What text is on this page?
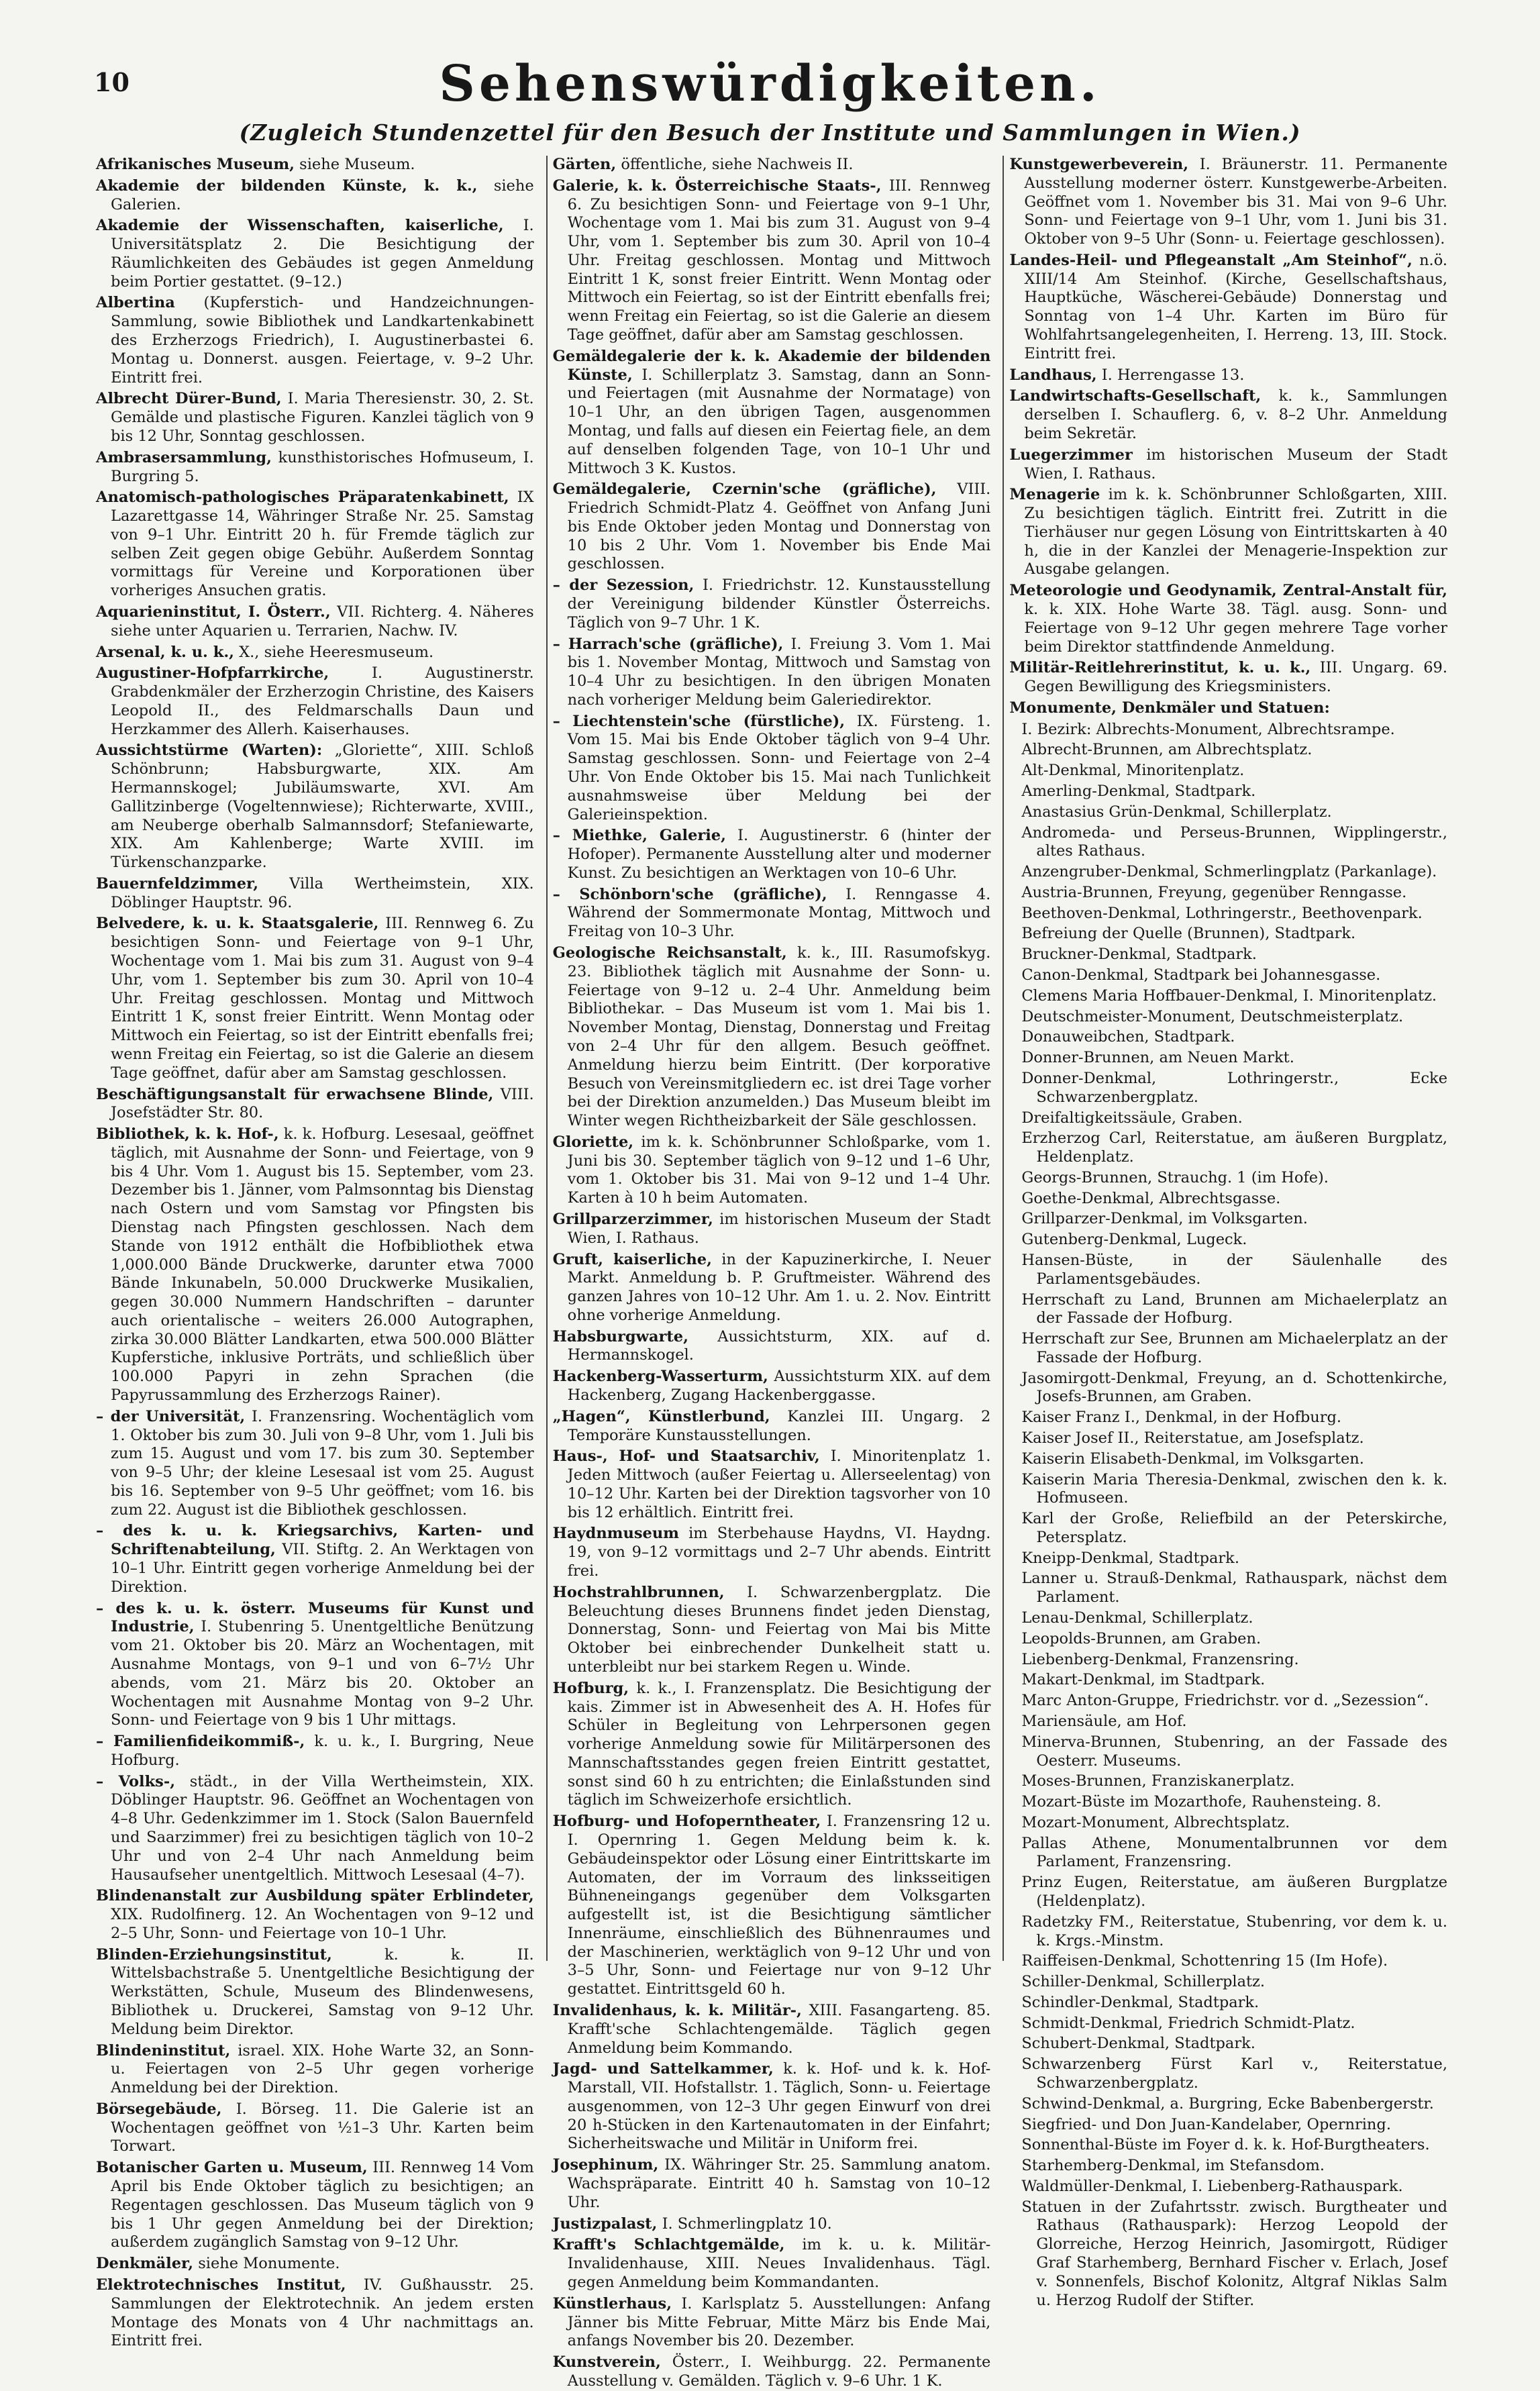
10	Sehenswürdigkeiten.
(Zugleich Stundenzettel für den Besuch der Institute und Sammlungen in Wien.)

Afrikanisches Museum, siehe Museum.

Akademie der bildenden Künste, k. k., siehe Galerien.

Akademie der Wissenschaften, kaiserliche, I. Universitätsplatz 2. Die Besichtigung der Räumlichkeiten des Gebäudes ist gegen Anmeldung beim Portier gestattet. (9–12.)

Albertina (Kupferstich- und Handzeichnungen-Sammlung, sowie Bibliothek und Landkartenkabinett des Erzherzogs Friedrich), I. Augustinerbastei 6. Montag u. Donnerst. ausgen. Feiertage, v. 9–2 Uhr. Eintritt frei.

Albrecht Dürer-Bund, I. Maria Theresienstr. 30, 2. St. Gemälde und plastische Figuren. Kanzlei täglich von 9 bis 12 Uhr, Sonntag geschlossen.

Ambrasersammlung, kunsthistorisches Hofmuseum, I. Burgring 5.

Anatomisch-pathologisches Präparatenkabinett, IX Lazarettgasse 14, Währinger Straße Nr. 25. Samstag von 9–1 Uhr. Eintritt 20 h. für Fremde täglich zur selben Zeit gegen obige Gebühr. Außerdem Sonntag vormittags für Vereine und Korporationen über vorheriges Ansuchen gratis.

Aquarieninstitut, I. Österr., VII. Richterg. 4. Näheres siehe unter Aquarien u. Terrarien, Nachw. IV.

Arsenal, k. u. k., X., siehe Heeresmuseum.

Augustiner-Hofpfarrkirche,	I. Augustinerstr. Grabdenkmäler der Erzherzogin Christine, des Kaisers Leopold II., des Feldmarschalls Daun und Herzkammer des Allerh. Kaiserhauses.

Aussichtstürme (Warten): „Gloriette“, XIII. Schloß Schönbrunn; Habsburgwarte, XIX. Am Hermannskogel; Jubiläumswarte, XVI. Am Gallitzinberge (Vogeltennwiese); Richterwarte, XVIII., am Neuberge oberhalb Salmannsdorf; Stefaniewarte, XIX. Am Kahlenberge; Warte XVIII. im Türkenschanzparke.

Bauernfeldzimmer, Villa Wertheimstein, XIX. Döblinger Hauptstr. 96.

Belvedere, k. u. k. Staatsgalerie, III. Rennweg 6. Zu besichtigen Sonn- und Feiertage von 9–1 Uhr, Wochentage vom 1. Mai bis zum 31. August von 9–4 Uhr, vom 1. September bis zum 30. April von 10–4 Uhr. Freitag geschlossen. Montag und Mittwoch Eintritt 1 K, sonst freier Eintritt. Wenn Montag oder Mittwoch ein Feiertag, so ist der Eintritt ebenfalls frei; wenn Freitag ein Feiertag, so ist die Galerie an diesem Tage geöffnet, dafür aber am Samstag geschlossen.

Beschäftigungsanstalt für erwachsene Blinde, VIII. Josefstädter Str. 80.

Bibliothek, k. k. Hof-, k. k. Hofburg. Lesesaal, geöffnet täglich, mit Ausnahme der Sonn- und Feiertage, von 9 bis 4 Uhr. Vom 1. August bis 15. September, vom 23. Dezember bis 1. Jänner, vom Palmsonntag bis Dienstag nach Ostern und vom Samstag vor Pfingsten bis Dienstag nach Pfingsten geschlossen. Nach dem Stande von 1912 enthält die Hofbibliothek etwa 1,000.000 Bände Druckwerke, darunter etwa 7000 Bände Inkunabeln, 50.000 Druckwerke Musikalien, gegen 30.000 Nummern Handschriften – darunter auch orientalische – weiters 26.000 Autographen, zirka 30.000 Blätter Landkarten, etwa 500.000 Blätter Kupferstiche, inklusive Porträts, und schließlich über 100.000 Papyri in zehn Sprachen (die Papyrussammlung des Erzherzogs Rainer).

– der Universität, I. Franzensring. Wochentäglich vom 1. Oktober bis zum 30. Juli von 9–8 Uhr, vom 1. Juli bis zum 15. August und vom 17. bis zum 30. September von 9–5 Uhr; der kleine Lesesaal ist vom 25. August bis 16. September von 9–5 Uhr geöffnet; vom 16. bis zum 22. August ist die Bibliothek geschlossen.

– des k. u. k. Kriegsarchivs, Karten- und Schriftenabteilung, VII. Stiftg. 2. An Werktagen von 10–1 Uhr. Eintritt gegen vorherige Anmeldung bei der Direktion.

– des k. u. k. österr. Museums für Kunst und Industrie, I. Stubenring 5. Unentgeltliche Benützung vom 21. Oktober bis 20. März an Wochentagen, mit Ausnahme Montags, von 9–1 und von 6–7½ Uhr abends, vom 21. März bis 20. Oktober an Wochentagen mit Ausnahme Montag von 9–2 Uhr. Sonn- und Feiertage von 9 bis 1 Uhr mittags.

– Familienfideikommiß-, k. u. k., I. Burgring, Neue Hofburg.

– Volks-, städt., in der Villa Wertheimstein, XIX. Döblinger Hauptstr. 96. Geöffnet an Wochentagen von 4–8 Uhr. Gedenkzimmer im 1. Stock (Salon Bauernfeld und Saarzimmer) frei zu besichtigen täglich von 10–2 Uhr und von 2–4 Uhr nach Anmeldung beim Hausaufseher unentgeltlich. Mittwoch Lesesaal (4–7).

Blindenanstalt zur Ausbildung später Erblindeter, XIX. Rudolfinerg. 12. An Wochentagen von 9–12 und 2–5 Uhr, Sonn- und Feiertage von 10–1 Uhr.

Blinden-Erziehungsinstitut,	k. k. II. Wittelsbachstraße 5. Unentgeltliche Besichtigung der Werkstätten, Schule, Museum des Blindenwesens, Bibliothek u. Druckerei, Samstag von 9–12 Uhr. Meldung beim Direktor.

Blindeninstitut, israel. XIX. Hohe Warte 32, an Sonn- u. Feiertagen von 2–5 Uhr gegen vorherige Anmeldung bei der Direktion.

Börsegebäude, I. Börseg. 11. Die Galerie ist an Wochentagen geöffnet von ½1–3 Uhr. Karten beim Torwart.

Botanischer Garten u. Museum, III. Rennweg 14 Vom April bis Ende Oktober täglich zu besichtigen; an Regentagen geschlossen. Das Museum täglich von 9 bis 1 Uhr gegen Anmeldung bei der Direktion; außerdem zugänglich Samstag von 9–12 Uhr.

Denkmäler, siehe Monumente.

Elektrotechnisches Institut, IV. Gußhausstr. 25. Sammlungen der Elektrotechnik. An jedem ersten Montage des Monats von 4 Uhr nachmittags an. Eintritt frei.

Gärten, öffentliche, siehe Nachweis II.

Galerie, k. k. Österreichische Staats-, III. Rennweg 6. Zu besichtigen Sonn- und Feiertage von 9–1 Uhr, Wochentage vom 1. Mai bis zum 31. August von 9–4 Uhr, vom 1. September bis zum 30. April von 10–4 Uhr. Freitag geschlossen. Montag und Mittwoch Eintritt 1 K, sonst freier Eintritt. Wenn Montag oder Mittwoch ein Feiertag, so ist der Eintritt ebenfalls frei; wenn Freitag ein Feiertag, so ist die Galerie an diesem Tage geöffnet, dafür aber am Samstag geschlossen.

Gemäldegalerie der k. k. Akademie der bildenden Künste, I. Schillerplatz 3. Samstag, dann an Sonn- und Feiertagen (mit Ausnahme der Normatage) von 10–1 Uhr, an den übrigen Tagen, ausgenommen Montag, und falls auf diesen ein Feiertag fiele, an dem auf denselben folgenden Tage, von 10–1 Uhr und Mittwoch 3 K. Kustos.

Gemäldegalerie, Czernin'sche (gräfliche), VIII. Friedrich Schmidt-Platz 4. Geöffnet von Anfang Juni bis Ende Oktober jeden Montag und Donnerstag von 10 bis 2 Uhr. Vom 1. November bis Ende Mai geschlossen.

– der Sezession, I. Friedrichstr. 12. Kunstausstellung der Vereinigung bildender Künstler Österreichs. Täglich von 9–7 Uhr. 1 K.

– Harrach'sche (gräfliche), I. Freiung 3. Vom 1. Mai bis 1. November Montag, Mittwoch und Samstag von 10–4 Uhr zu besichtigen. In den übrigen Monaten nach vorheriger Meldung beim Galeriedirektor.

– Liechtenstein'sche (fürstliche), IX. Fürsteng. 1. Vom 15. Mai bis Ende Oktober täglich von 9–4 Uhr. Samstag geschlossen. Sonn- und Feiertage von 2–4 Uhr. Von Ende Oktober bis 15. Mai nach Tunlichkeit ausnahmsweise über Meldung bei der Galerieinspektion.

– Miethke, Galerie, I. Augustinerstr. 6 (hinter der Hofoper). Permanente Ausstellung alter und moderner Kunst. Zu besichtigen an Werktagen von 10–6 Uhr.

– Schönborn'sche (gräfliche), I. Renngasse 4. Während der Sommermonate Montag, Mittwoch und Freitag von 10–3 Uhr.

Geologische Reichsanstalt, k. k., III. Rasumofskyg. 23. Bibliothek täglich mit Ausnahme der Sonn- u. Feiertage von 9–12 u. 2–4 Uhr. Anmeldung beim Bibliothekar. – Das Museum ist vom 1. Mai bis 1. November Montag, Dienstag, Donnerstag und Freitag von 2–4 Uhr für den allgem. Besuch geöffnet. Anmeldung hierzu beim Eintritt. (Der korporative Besuch von Vereinsmitgliedern ec. ist drei Tage vorher bei der Direktion anzumelden.) Das Museum bleibt im Winter wegen Richtheizbarkeit der Säle geschlossen.

Gloriette, im k. k. Schönbrunner Schloßparke, vom 1. Juni bis 30. September täglich von 9–12 und 1–6 Uhr, vom 1. Oktober bis 31. Mai von 9–12 und 1–4 Uhr. Karten à 10 h beim Automaten.

Grillparzerzimmer, im historischen Museum der Stadt Wien, I. Rathaus.

Gruft, kaiserliche, in der Kapuzinerkirche, I. Neuer Markt. Anmeldung b. P. Gruftmeister. Während des ganzen Jahres von 10–12 Uhr. Am 1. u. 2. Nov. Eintritt ohne vorherige Anmeldung.

Habsburgwarte, Aussichtsturm, XIX. auf d. Hermannskogel.

Hackenberg-Wasserturm, Aussichtsturm XIX. auf dem Hackenberg, Zugang Hackenberggasse.

„Hagen“, Künstlerbund, Kanzlei III. Ungarg. 2 Temporäre Kunstausstellungen.

Haus-, Hof- und Staatsarchiv, I. Minoritenplatz 1. Jeden Mittwoch (außer Feiertag u. Allerseelentag) von 10–12 Uhr. Karten bei der Direktion tagsvorher von 10 bis 12 erhältlich. Eintritt frei.

Haydnmuseum im Sterbehause Haydns, VI. Haydng. 19, von 9–12 vormittags und 2–7 Uhr abends. Eintritt frei.

Hochstrahlbrunnen, I. Schwarzenbergplatz. Die Beleuchtung dieses Brunnens findet jeden Dienstag, Donnerstag, Sonn- und Feiertag von Mai bis Mitte Oktober bei einbrechender Dunkelheit statt u. unterbleibt nur bei starkem Regen u. Winde.

Hofburg, k. k., I. Franzensplatz. Die Besichtigung der kais. Zimmer ist in Abwesenheit des A. H. Hofes für Schüler in Begleitung von Lehrpersonen gegen vorherige Anmeldung sowie für Militärpersonen des Mannschaftsstandes gegen freien Eintritt gestattet, sonst sind 60 h zu entrichten; die Einlaßstunden sind täglich im Schweizerhofe ersichtlich.

Hofburg- und Hofoperntheater, I. Franzensring 12 u. I. Opernring 1. Gegen Meldung beim k. k. Gebäudeinspektor oder Lösung einer Eintrittskarte im Automaten, der im Vorraum des linksseitigen Bühneneingangs gegenüber dem Volksgarten aufgestellt ist, ist die Besichtigung sämtlicher Innenräume, einschließlich des Bühnenraumes und der Maschinerien, werktäglich von 9–12 Uhr und von 3–5 Uhr, Sonn- und Feiertage nur von 9–12 Uhr gestattet. Eintrittsgeld 60 h.

Invalidenhaus, k. k. Militär-, XIII. Fasangarteng. 85. Krafft'sche Schlachtengemälde. Täglich gegen Anmeldung beim Kommando.

Jagd- und Sattelkammer, k. k. Hof- und k. k. Hof-Marstall, VII. Hofstallstr. 1. Täglich, Sonn- u. Feiertage ausgenommen, von 12–3 Uhr gegen Einwurf von drei 20 h-Stücken in den Kartenautomaten in der Einfahrt; Sicherheitswache und Militär in Uniform frei.

Josephinum, IX. Währinger Str. 25. Sammlung anatom. Wachspräparate. Eintritt 40 h. Samstag von 10–12 Uhr.

Justizpalast, I. Schmerlingplatz 10.

Krafft's Schlachtgemälde, im k. u. k. Militär-Invalidenhause, XIII. Neues Invalidenhaus. Tägl. gegen Anmeldung beim Kommandanten.

Künstlerhaus, I. Karlsplatz 5. Ausstellungen: Anfang Jänner bis Mitte Februar, Mitte März bis Ende Mai, anfangs November bis 20. Dezember.

Kunstverein, Österr., I. Weihburgg. 22. Permanente Ausstellung v. Gemälden. Täglich v. 9–6 Uhr. 1 K.

Kunstgewerbeverein, I. Bräunerstr. 11. Permanente Ausstellung moderner österr. Kunstgewerbe-Arbeiten. Geöffnet vom 1. November bis 31. Mai von 9–6 Uhr. Sonn- und Feiertage von 9–1 Uhr, vom 1. Juni bis 31. Oktober von 9–5 Uhr (Sonn- u. Feiertage geschlossen).

Landes-Heil- und Pflegeanstalt „Am Steinhof“, n.ö. XIII/14 Am Steinhof. (Kirche, Gesellschaftshaus, Hauptküche, Wäscherei-Gebäude) Donnerstag und Sonntag von 1–4 Uhr. Karten im Büro für Wohlfahrtsangelegenheiten, I. Herreng. 13, III. Stock. Eintritt frei.

Landhaus, I. Herrengasse 13.

Landwirtschafts-Gesellschaft, k. k., Sammlungen derselben I. Schauflerg. 6, v. 8–2 Uhr. Anmeldung beim Sekretär.

Luegerzimmer im historischen Museum der Stadt Wien, I. Rathaus.

Menagerie im k. k. Schönbrunner Schloßgarten, XIII. Zu besichtigen täglich. Eintritt frei. Zutritt in die Tierhäuser nur gegen Lösung von Eintrittskarten à 40 h, die in der Kanzlei der Menagerie-Inspektion zur Ausgabe gelangen.

Meteorologie und Geodynamik, Zentral-Anstalt für, k. k. XIX. Hohe Warte 38. Tägl. ausg. Sonn- und Feiertage von 9–12 Uhr gegen mehrere Tage vorher beim Direktor stattfindende Anmeldung.

Militär-Reitlehrerinstitut, k. u. k., III. Ungarg. 69. Gegen Bewilligung des Kriegsministers.

Monumente, Denkmäler und Statuen:

I. Bezirk: Albrechts-Monument, Albrechtsrampe.

Albrecht-Brunnen, am Albrechtsplatz.

Alt-Denkmal, Minoritenplatz.

Amerling-Denkmal, Stadtpark.

Anastasius Grün-Denkmal, Schillerplatz.

Andromeda- und Perseus-Brunnen, Wipplingerstr., altes Rathaus.

Anzengruber-Denkmal, Schmerlingplatz (Parkanlage).

Austria-Brunnen, Freyung, gegenüber Renngasse.

Beethoven-Denkmal, Lothringerstr., Beethovenpark.

Befreiung der Quelle (Brunnen), Stadtpark.

Bruckner-Denkmal, Stadtpark.

Canon-Denkmal, Stadtpark bei Johannesgasse.

Clemens Maria Hoffbauer-Denkmal, I. Minoritenplatz.

Deutschmeister-Monument, Deutschmeisterplatz.

Donauweibchen, Stadtpark.

Donner-Brunnen, am Neuen Markt.

Donner-Denkmal, Lothringerstr., Ecke Schwarzenbergplatz.

Dreifaltigkeitssäule, Graben.

Erzherzog Carl, Reiterstatue, am äußeren Burgplatz, Heldenplatz.

Georgs-Brunnen, Strauchg. 1 (im Hofe).

Goethe-Denkmal, Albrechtsgasse.

Grillparzer-Denkmal, im Volksgarten.

Gutenberg-Denkmal, Lugeck.

Hansen-Büste, in der Säulenhalle des Parlamentsgebäudes.

Herrschaft zu Land, Brunnen am Michaelerplatz an der Fassade der Hofburg.

Herrschaft zur See, Brunnen am Michaelerplatz an der Fassade der Hofburg.

Jasomirgott-Denkmal, Freyung, an d. Schottenkirche, Josefs-Brunnen, am Graben.

Kaiser Franz I., Denkmal, in der Hofburg.

Kaiser Josef II., Reiterstatue, am Josefsplatz.

Kaiserin Elisabeth-Denkmal, im Volksgarten.

Kaiserin Maria Theresia-Denkmal, zwischen den k. k. Hofmuseen.

Karl der Große, Reliefbild an der Peterskirche, Petersplatz.

Kneipp-Denkmal, Stadtpark.

Lanner u. Strauß-Denkmal, Rathauspark, nächst dem Parlament.

Lenau-Denkmal, Schillerplatz.

Leopolds-Brunnen, am Graben.

Liebenberg-Denkmal, Franzensring.

Makart-Denkmal, im Stadtpark.

Marc Anton-Gruppe, Friedrichstr. vor d. „Sezession“.

Mariensäule, am Hof.

Minerva-Brunnen, Stubenring, an der Fassade des Oesterr. Museums.

Moses-Brunnen, Franziskanerplatz.

Mozart-Büste im Mozarthofe, Rauhensteing. 8.

Mozart-Monument, Albrechtsplatz.

Pallas Athene, Monumentalbrunnen vor dem Parlament, Franzensring.

Prinz Eugen, Reiterstatue, am äußeren Burgplatze (Heldenplatz).

Radetzky FM., Reiterstatue, Stubenring, vor dem k. u. k. Krgs.-Minstm.

Raiffeisen-Denkmal, Schottenring 15 (Im Hofe).

Schiller-Denkmal, Schillerplatz.

Schindler-Denkmal, Stadtpark.

Schmidt-Denkmal, Friedrich Schmidt-Platz.

Schubert-Denkmal, Stadtpark.

Schwarzenberg Fürst Karl v., Reiterstatue, Schwarzenbergplatz.

Schwind-Denkmal, a. Burgring, Ecke Babenbergerstr.

Siegfried- und Don Juan-Kandelaber, Opernring.

Sonnenthal-Büste im Foyer d. k. k. Hof-Burgtheaters.

Starhemberg-Denkmal, im Stefansdom.

Waldmüller-Denkmal, I. Liebenberg-Rathauspark.

Statuen in der Zufahrtsstr. zwisch. Burgtheater und Rathaus (Rathauspark): Herzog Leopold der Glorreiche, Herzog Heinrich, Jasomirgott, Rüdiger Graf Starhemberg, Bernhard Fischer v. Erlach, Josef v. Sonnenfels, Bischof Kolonitz, Altgraf Niklas Salm u. Herzog Rudolf der Stifter.
